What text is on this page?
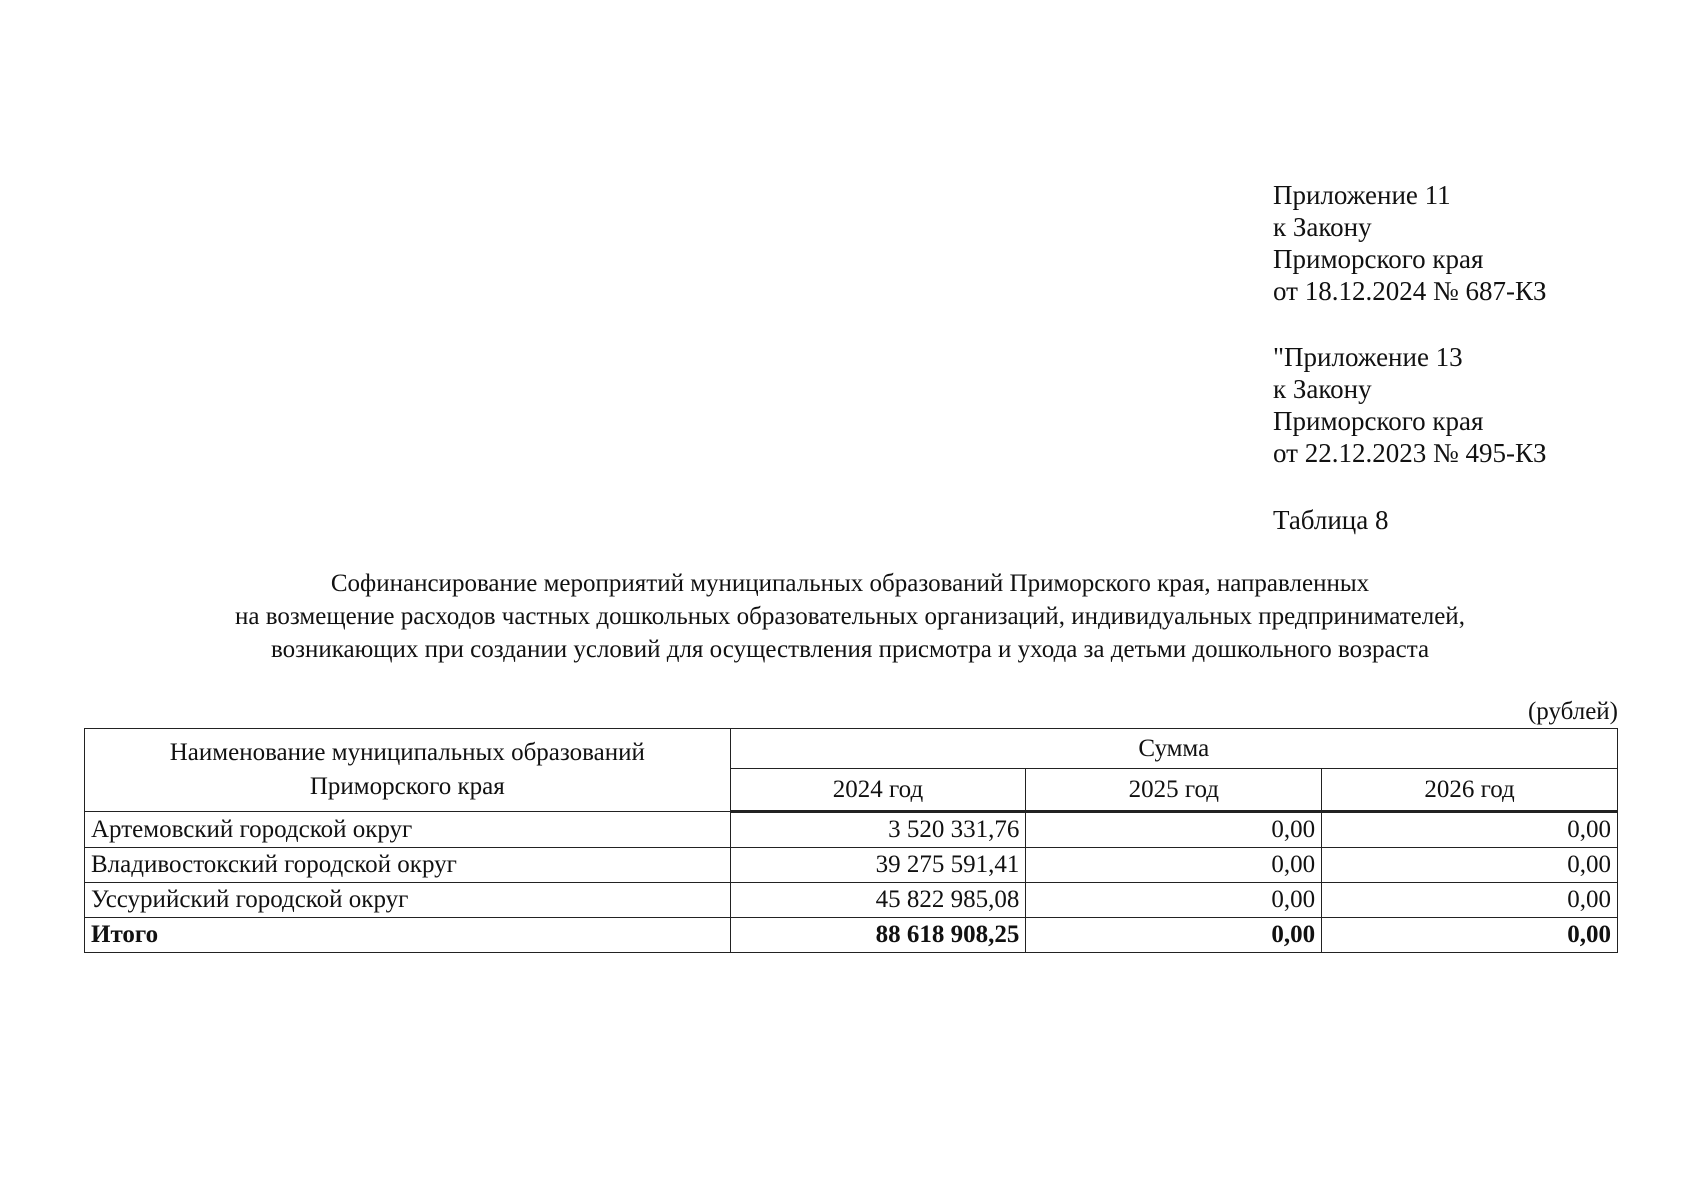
Приложение 11
к Закону
Приморского края
от 18.12.2024 № 687-КЗ
"Приложение 13
к Закону
Приморского края
от 22.12.2023 № 495-КЗ
Таблица 8
Софинансирование мероприятий муниципальных образований Приморского края, направленных
на возмещение расходов частных дошкольных образовательных организаций, индивидуальных предпринимателей,
возникающих при создании условий для осуществления присмотра и ухода за детьми дошкольного возраста
(рублей)
Наименование муниципальных образований
Приморского края	Сумма		
	2024 год	2025 год	2026 год
Артемовский городской округ	3 520 331,76	0,00	0,00
Владивостокский городской округ	39 275 591,41	0,00	0,00
Уссурийский городской округ	45 822 985,08	0,00	0,00
Итого	88 618 908,25	0,00	0,00
